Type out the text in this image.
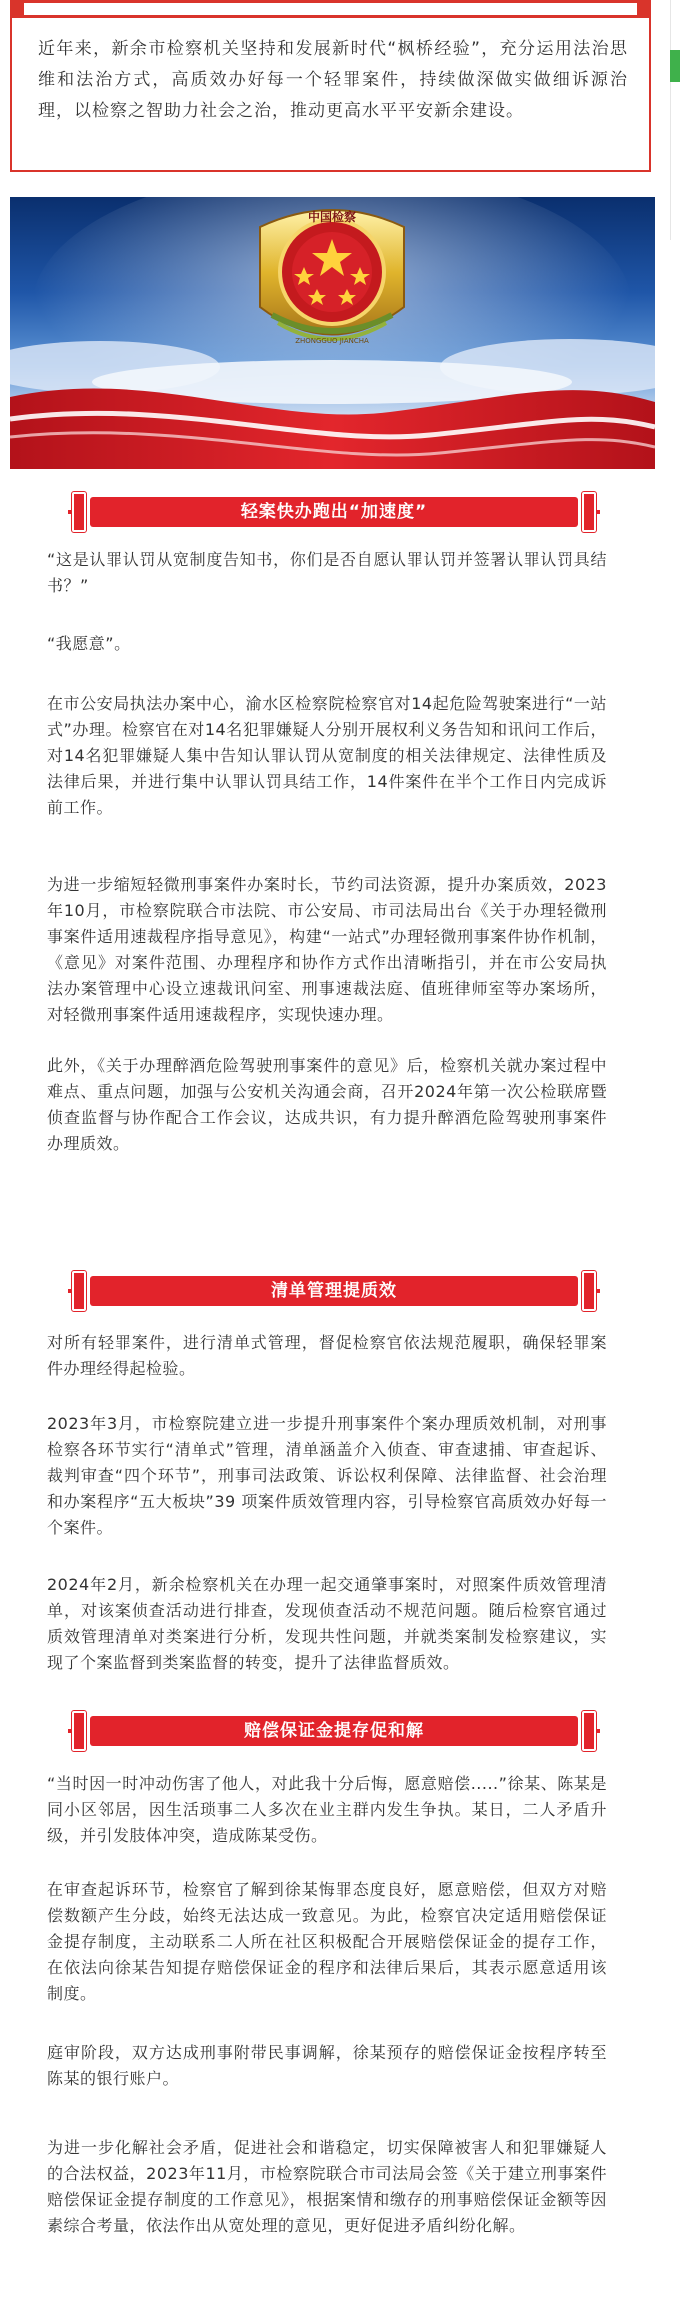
近年来，新余市检察机关坚持和发展新时代“枫桥经验”，充分运用法治思维和法治方式，高质效办好每一个轻罪案件，持续做深做实做细诉源治理，以检察之智助力社会之治，推动更高水平平安新余建设。
中国检察
ZHONGGUO JIANCHA
轻案快办跑出“加速度”
“这是认罪认罚从宽制度告知书，你们是否自愿认罪认罚并签署认罪认罚具结书？”
“我愿意”。
在市公安局执法办案中心，渝水区检察院检察官对14起危险驾驶案进行“一站式”办理。检察官在对14名犯罪嫌疑人分别开展权利义务告知和讯问工作后，对14名犯罪嫌疑人集中告知认罪认罚从宽制度的相关法律规定、法律性质及法律后果，并进行集中认罪认罚具结工作，14件案件在半个工作日内完成诉前工作。
为进一步缩短轻微刑事案件办案时长，节约司法资源，提升办案质效，2023年10月，市检察院联合市法院、市公安局、市司法局出台《关于办理轻微刑事案件适用速裁程序指导意见》，构建“一站式”办理轻微刑事案件协作机制，《意见》对案件范围、办理程序和协作方式作出清晰指引，并在市公安局执法办案管理中心设立速裁讯问室、刑事速裁法庭、值班律师室等办案场所，对轻微刑事案件适用速裁程序，实现快速办理。
此外，《关于办理醉酒危险驾驶刑事案件的意见》后，检察机关就办案过程中难点、重点问题，加强与公安机关沟通会商，召开2024年第一次公检联席暨侦查监督与协作配合工作会议，达成共识，有力提升醉酒危险驾驶刑事案件办理质效。
清单管理提质效
对所有轻罪案件，进行清单式管理，督促检察官依法规范履职，确保轻罪案件办理经得起检验。
2023年3月，市检察院建立进一步提升刑事案件个案办理质效机制，对刑事检察各环节实行“清单式”管理，清单涵盖介入侦查、审查逮捕、审查起诉、裁判审查“四个环节”，刑事司法政策、诉讼权利保障、法律监督、社会治理和办案程序“五大板块”39 项案件质效管理内容，引导检察官高质效办好每一个案件。
2024年2月，新余检察机关在办理一起交通肇事案时，对照案件质效管理清单，对该案侦查活动进行排查，发现侦查活动不规范问题。随后检察官通过质效管理清单对类案进行分析，发现共性问题，并就类案制发检察建议，实现了个案监督到类案监督的转变，提升了法律监督质效。
赔偿保证金提存促和解
“当时因一时冲动伤害了他人，对此我十分后悔，愿意赔偿.....”徐某、陈某是同小区邻居，因生活琐事二人多次在业主群内发生争执。某日，二人矛盾升级，并引发肢体冲突，造成陈某受伤。
在审查起诉环节，检察官了解到徐某悔罪态度良好，愿意赔偿，但双方对赔偿数额产生分歧，始终无法达成一致意见。为此，检察官决定适用赔偿保证金提存制度，主动联系二人所在社区积极配合开展赔偿保证金的提存工作，在依法向徐某告知提存赔偿保证金的程序和法律后果后，其表示愿意适用该制度。
庭审阶段，双方达成刑事附带民事调解，徐某预存的赔偿保证金按程序转至陈某的银行账户。
为进一步化解社会矛盾，促进社会和谐稳定，切实保障被害人和犯罪嫌疑人的合法权益，2023年11月，市检察院联合市司法局会签《关于建立刑事案件赔偿保证金提存制度的工作意见》，根据案情和缴存的刑事赔偿保证金额等因素综合考量，依法作出从宽处理的意见，更好促进矛盾纠纷化解。
